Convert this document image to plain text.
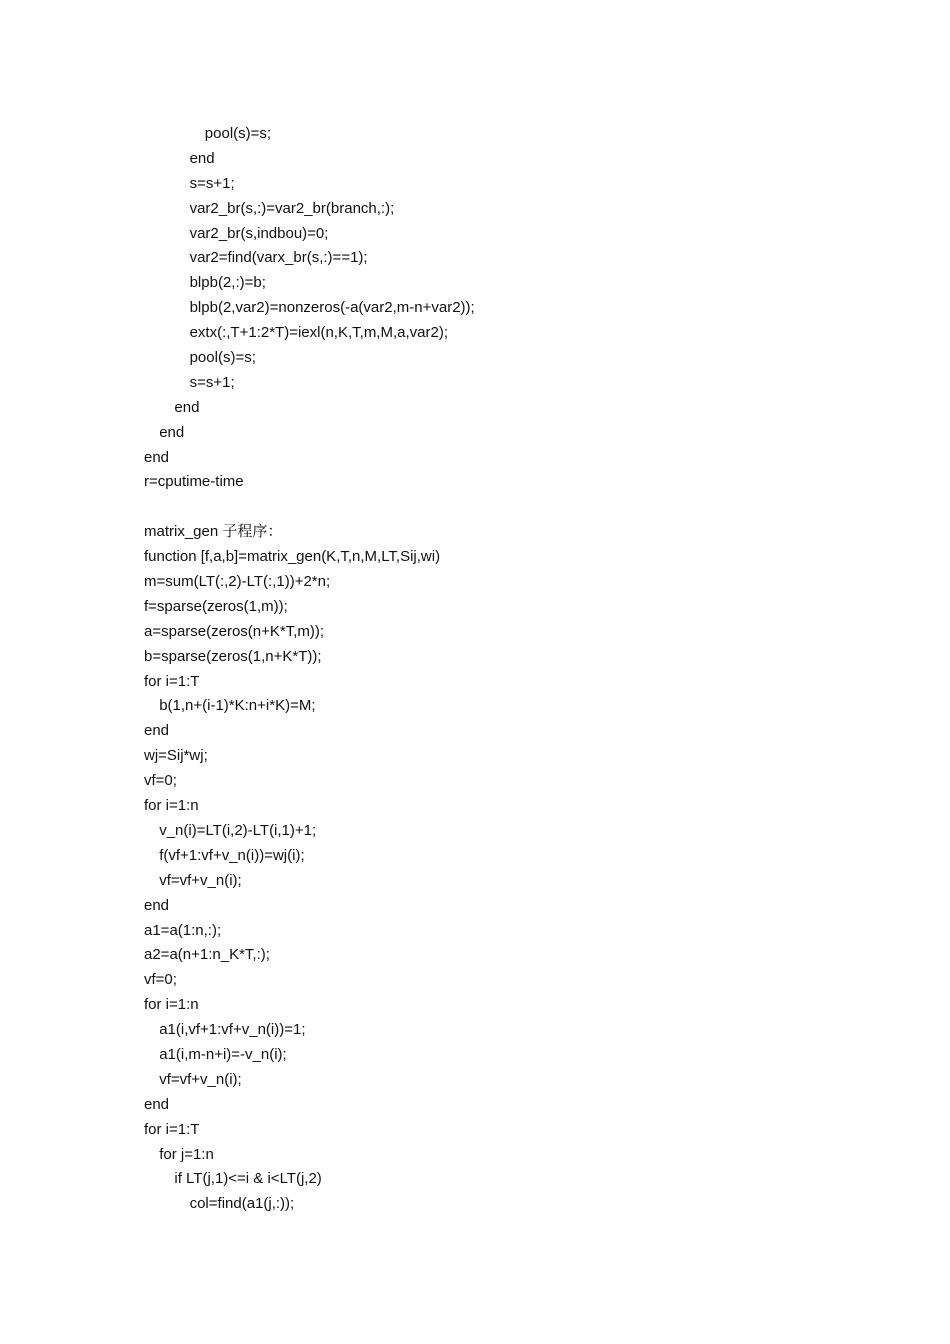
pool(s)=s;
end
s=s+1;
var2_br(s,:)=var2_br(branch,:);
var2_br(s,indbou)=0;
var2=find(varx_br(s,:)==1);
blpb(2,:)=b;
blpb(2,var2)=nonzeros(-a(var2,m-n+var2));
extx(:,T+1:2*T)=iexl(n,K,T,m,M,a,var2);
pool(s)=s;
s=s+1;
end
end
end
r=cputime-time
matrix_gen 子程序：
function [f,a,b]=matrix_gen(K,T,n,M,LT,Sij,wi)
m=sum(LT(:,2)-LT(:,1))+2*n;
f=sparse(zeros(1,m));
a=sparse(zeros(n+K*T,m));
b=sparse(zeros(1,n+K*T));
for i=1:T
b(1,n+(i-1)*K:n+i*K)=M;
end
wj=Sij*wj;
vf=0;
for i=1:n
v_n(i)=LT(i,2)-LT(i,1)+1;
f(vf+1:vf+v_n(i))=wj(i);
vf=vf+v_n(i);
end
a1=a(1:n,:);
a2=a(n+1:n_K*T,:);
vf=0;
for i=1:n
a1(i,vf+1:vf+v_n(i))=1;
a1(i,m-n+i)=-v_n(i);
vf=vf+v_n(i);
end
for i=1:T
for j=1:n
if LT(j,1)<=i & i<LT(j,2)
col=find(a1(j,:));
